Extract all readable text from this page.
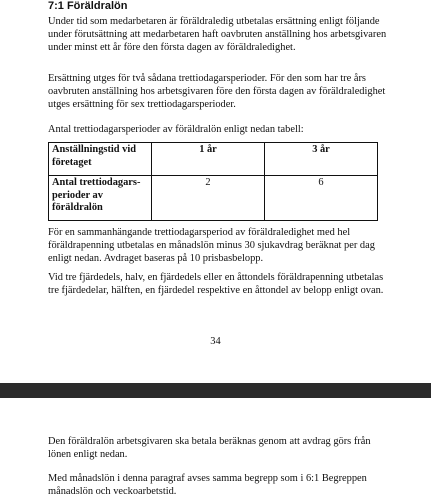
7:1 Föräldralön

Under tid som medarbetaren är föräldraledig utbetalas ersättning enligt följande under förutsättning att medarbetaren haft oavbruten anställning hos arbetsgivaren under minst ett år före den första dagen av föräldraledighet.

Ersättning utges för två sådana trettiodagarsperioder. För den som har tre års oavbruten anställning hos arbetsgivaren före den första dagen av föräldraledighet utges ersättning för sex trettiodagarsperioder.

Antal trettiodagarsperioder av föräldralön enligt nedan tabell:

Anställningstid vid företaget	1 år	3 år
Antal trettiodagars-perioder av föräldralön	2	6

För en sammanhängande trettiodagarsperiod av föräldraledighet med hel föräldrapenning utbetalas en månadslön minus 30 sjukavdrag beräknat per dag enligt nedan. Avdraget baseras på 10 prisbasbelopp.

Vid tre fjärdedels, halv, en fjärdedels eller en åttondels föräldrapenning utbetalas tre fjärdedelar, hälften, en fjärdedel respektive en åttondel av belopp enligt ovan.

34

Den föräldralön arbetsgivaren ska betala beräknas genom att avdrag görs från lönen enligt nedan.

Med månadslön i denna paragraf avses samma begrepp som i 6:1 Begreppen månadslön och veckoarbetstid.
